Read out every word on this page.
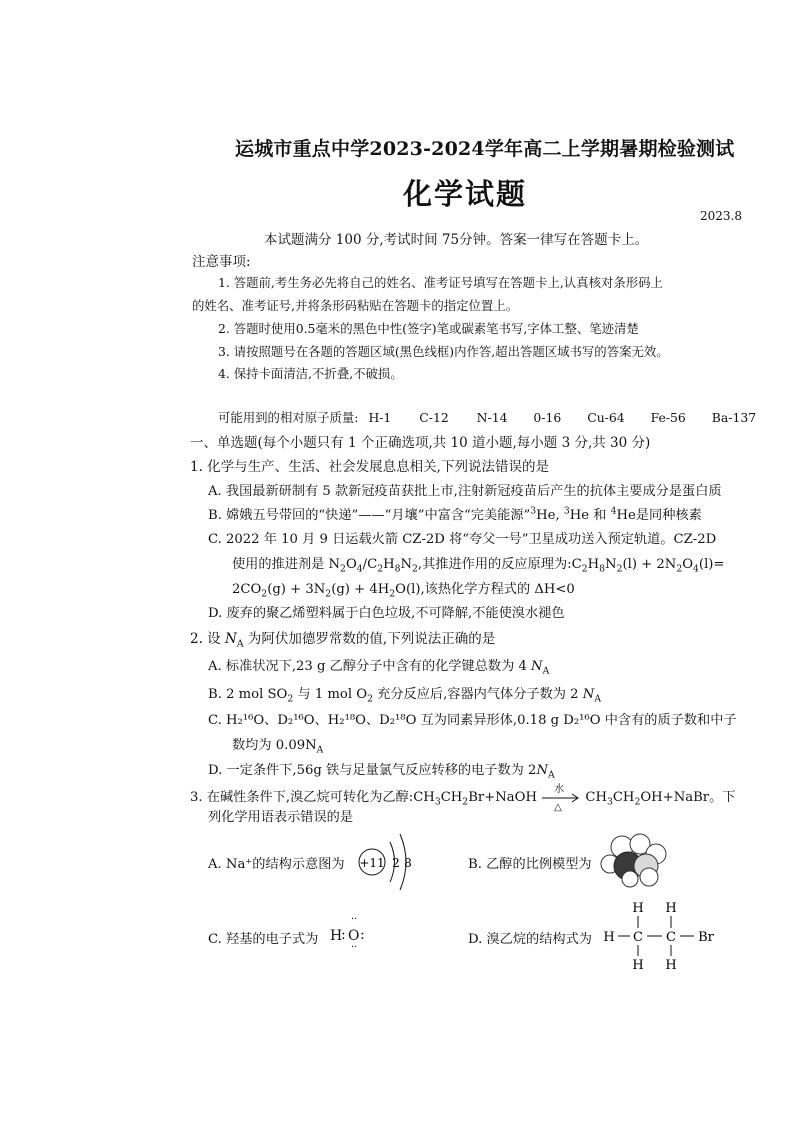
运城市重点中学2023-2024学年高二上学期暑期检验测试
化学试题
2023.8
本试题满分 100 分,考试时间 75分钟。答案一律写在答题卡上。
注意事项:
1. 答题前,考生务必先将自己的姓名、准考证号填写在答题卡上,认真核对条形码上
的姓名、准考证号,并将条形码粘贴在答题卡的指定位置上。
2. 答题时使用0.5毫米的黑色中性(签字)笔或碳素笔书写,字体工整、笔迹清楚
3. 请按照题号在各题的答题区域(黑色线框)内作答,超出答题区域书写的答案无效。
4. 保持卡面清洁,不折叠,不破损。
可能用到的相对原子质量: H-1 C-12 N-14 0-16 Cu-64 Fe-56 Ba-137
一、单选题(每个小题只有 1 个正确选项,共 10 道小题,每小题 3 分,共 30 分)
1. 化学与生产、生活、社会发展息息相关,下列说法错误的是
A. 我国最新研制有 5 款新冠疫苗获批上市,注射新冠疫苗后产生的抗体主要成分是蛋白质
B. 嫦娥五号带回的“快递”——“月壤”中富含“完美能源”$^3$He, $^3$He 和 $^4$He是同种核素
C. 2022 年 10 月 9 日运载火箭 CZ-2D 将“夸父一号”卫星成功送入预定轨道。CZ-2D
使用的推进剂是 $N_2O_4/C_2H_8N_2$,其推进作用的反应原理为$:C_2H_8N_2(l) + 2N_2O_4(l)=$
$2CO_2(g) + 3N_2(g) + 4H_2O(l)$,该热化学方程式的 ΔH<0
D. 废弃的聚乙烯塑料属于白色垃圾,不可降解,不能使溴水褪色
2. 设 $N_A$ 为阿伏加德罗常数的值,下列说法正确的是
A. 标准状况下,23 g 乙醇分子中含有的化学键总数为 4 $N_A$
B. 2 mol $SO_2$ 与 1 mol $O_2$ 充分反应后,容器内气体分子数为 2 $N_A$
C. H₂¹⁶O、D₂¹⁶O、H₂¹⁸O、D₂¹⁸O 互为同素异形体,0.18 g D₂¹⁶O 中含有的质子数和中子
数均为 $0.09N_A$
D. 一定条件下,56g 铁与足量氯气反应转移的电子数为 $2N_A$
3. 在碱性条件下,溴乙烷可转化为乙醇$:CH_3CH_2Br+NaOH$
水
△
$CH_3CH_2OH+NaBr$。下
列化学用语表示错误的是
A. Na⁺的结构示意图为 +11 2 8	B. 乙醇的比例模型为
C. 羟基的电子式为 H
: O :
··
··
D. 溴乙烷的结构式为
H H
H C C Br
H H
